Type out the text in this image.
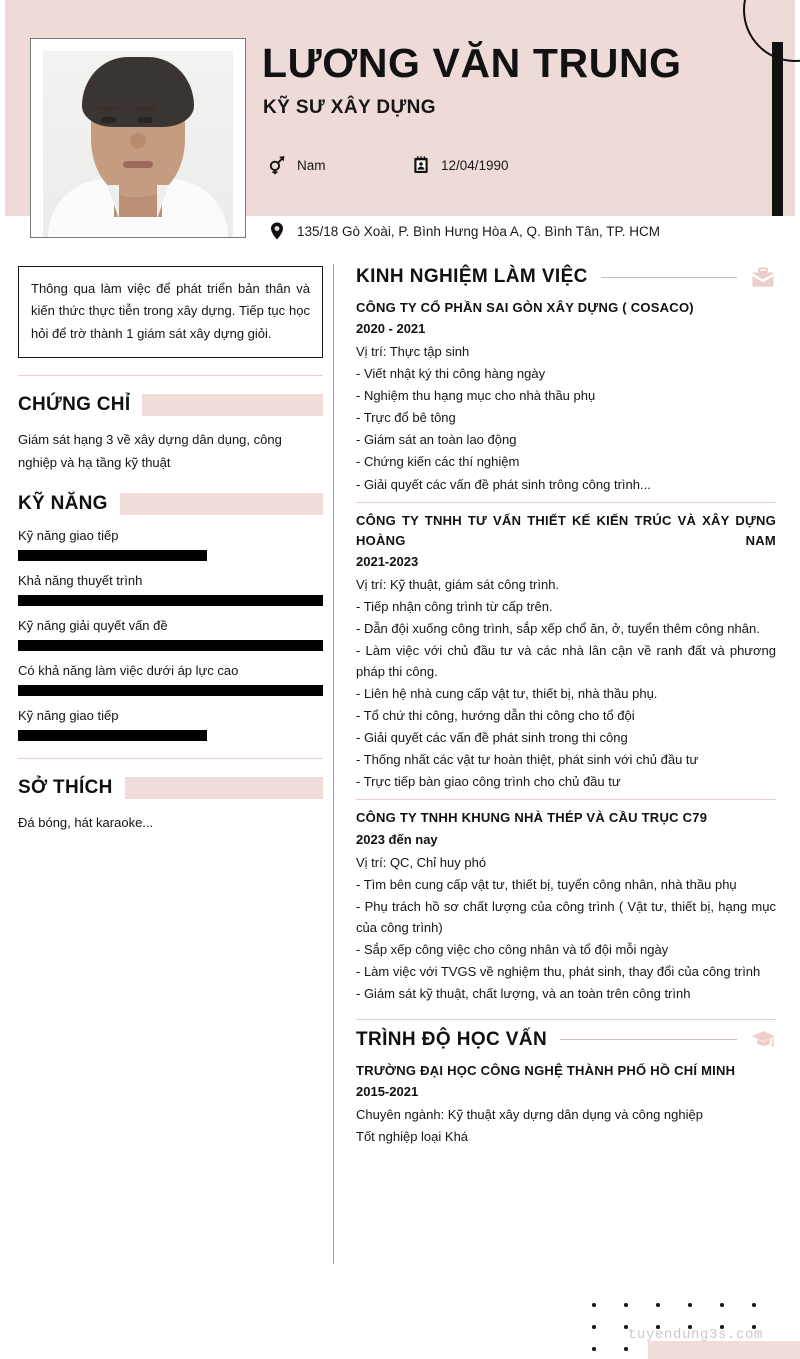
LƯƠNG VĂN TRUNG
KỸ SƯ XÂY DỰNG
Nam	12/04/1990
135/18 Gò Xoài, P. Bình Hưng Hòa A, Q. Bình Tân, TP. HCM

Thông qua làm việc để phát triển bản thân và kiến thức thực tiễn trong xây dựng. Tiếp tục học hỏi để trờ thành 1 giám sát xây dựng giỏi.

CHỨNG CHỈ
Giám sát hạng 3 về xây dựng dân dụng, công nghiệp và hạ tầng kỹ thuật
KỸ NĂNG
Kỹ năng giao tiếp
Khả năng thuyết trình
Kỹ năng giải quyết vấn đề
Có khả năng làm việc dưới áp lực cao
Kỹ năng giao tiếp
SỞ THÍCH
Đá bóng, hát karaoke...
KINH NGHIỆM LÀM VIỆC
CÔNG TY CỔ PHẦN SAI GÒN XÂY DỰNG ( COSACO)
2020 - 2021
Vị trí: Thực tập sinh
- Viết nhật ký thi công hàng ngày
- Nghiệm thu hạng mục cho nhà thầu phụ
- Trực đổ bê tông
- Giám sát an toàn lao động
- Chứng kiến các thí nghiệm
- Giải quyết các vấn đề phát sinh trông công trình...
CÔNG TY TNHH TƯ VẤN THIẾT KẾ KIẾN TRÚC VÀ XÂY DỰNG HOÀNG NAM
2021-2023
Vị trí: Kỹ thuật, giám sát công trình.
- Tiếp nhận công trình từ cấp trên.
- Dẫn đội xuống công trình, sắp xếp chổ ăn, ở, tuyển thêm công nhân.
- Làm việc với chủ đầu tư và các nhà lân cận về ranh đất và phương pháp thi công.
- Liên hệ nhà cung cấp vật tư, thiết bị, nhà thầu phụ.
- Tổ chứ thi công, hướng dẫn thi công cho tổ đội
- Giải quyết các vấn đề phát sinh trong thi công
- Thống nhất các vật tư hoàn thiệt, phát sinh với chủ đầu tư
- Trực tiếp bàn giao công trình cho chủ đầu tư
CÔNG TY TNHH KHUNG NHÀ THÉP VÀ CẦU TRỤC C79
2023 đến nay
Vị trí: QC, Chỉ huy phó
- Tìm bên cung cấp vật tư, thiết bị, tuyển công nhân, nhà thầu phụ
- Phụ trách hồ sơ chất lượng của công trình ( Vật tư, thiết bị, hạng mục của công trình)
- Sắp xếp công việc cho công nhân và tổ đội mỗi ngày
- Làm việc với TVGS về nghiệm thu, phát sinh, thay đổi của công trình
- Giám sát kỹ thuật, chất lượng, và an toàn trên công trình
TRÌNH ĐỘ HỌC VẤN
TRƯỜNG ĐẠI HỌC CÔNG NGHỆ THÀNH PHỐ HỒ CHÍ MINH
2015-2021
Chuyên ngành: Kỹ thuật xây dựng dân dụng và công nghiệp
Tốt nghiệp loại Khá
tuyendung3s.com
